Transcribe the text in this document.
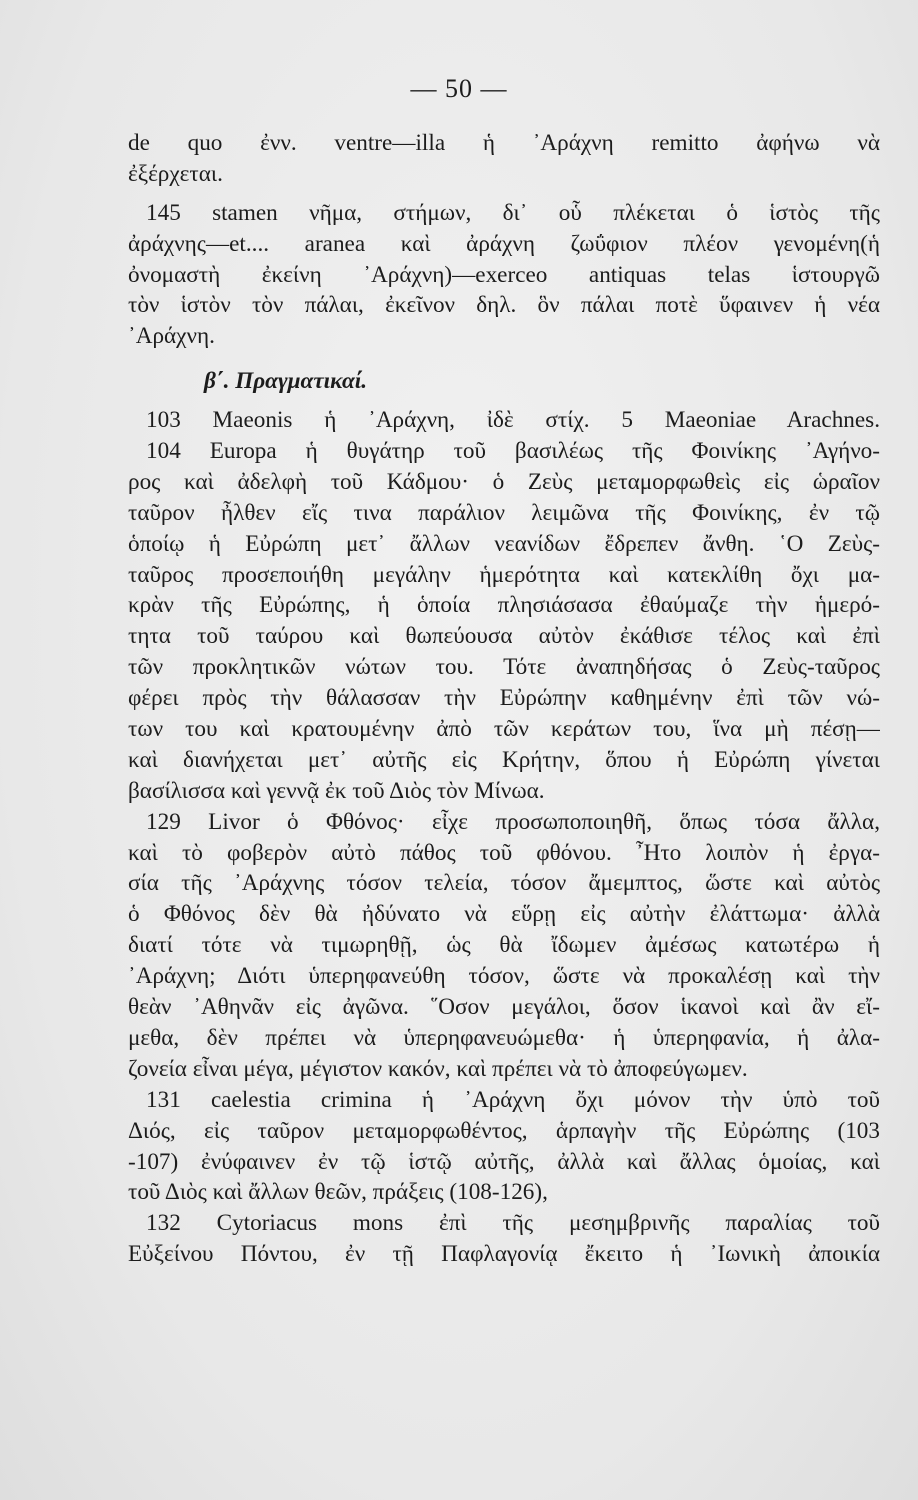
— 50 —
de quo ἐνν. ventre—illa ἡ ᾽Αράχνη remitto ἀφήνω νὰ
ἐξέρχεται.
145 stamen νῆμα, στήμων, δι᾽ οὗ πλέκεται ὁ ἱστὸς τῆς
ἀράχνης—et.... aranea καὶ ἀράχνη ζωΰφιον πλέον γενομένη(ἡ
ὀνομαστὴ ἐκείνη ᾽Αράχνη)—exerceo antiquas telas ἱστουργῶ
τὸν ἱστὸν τὸν πάλαι, ἐκεῖνον δηλ. ὃν πάλαι ποτὲ ὕφαινεν ἡ νέα
᾽Αράχνη.
β΄. Πραγματικαί.
103 Maeonis ἡ ᾽Αράχνη, ἰδὲ στίχ. 5 Maeoniae Arachnes.
104 Europa ἡ θυγάτηρ τοῦ βασιλέως τῆς Φοινίκης ᾽Αγήνο-
ρος καὶ ἀδελφὴ τοῦ Κάδμου· ὁ Ζεὺς μεταμορφωθεὶς εἰς ὡραῖον
ταῦρον ἦλθεν εἴς τινα παράλιον λειμῶνα τῆς Φοινίκης, ἐν τῷ
ὁποίῳ ἡ Εὐρώπη μετ᾽ ἄλλων νεανίδων ἔδρεπεν ἄνθη. ῾Ο Ζεὺς-
ταῦρος προσεποιήθη μεγάλην ἡμερότητα καὶ κατεκλίθη ὄχι μα-
κρὰν τῆς Εὐρώπης, ἡ ὁποία πλησιάσασα ἐθαύμαζε τὴν ἡμερό-
τητα τοῦ ταύρου καὶ θωπεύουσα αὐτὸν ἐκάθισε τέλος καὶ ἐπὶ
τῶν προκλητικῶν νώτων του. Τότε ἀναπηδήσας ὁ Ζεὺς-ταῦρος
φέρει πρὸς τὴν θάλασσαν τὴν Εὐρώπην καθημένην ἐπὶ τῶν νώ-
των του καὶ κρατουμένην ἀπὸ τῶν κεράτων του, ἵνα μὴ πέσῃ—
καὶ διανήχεται μετ᾽ αὐτῆς εἰς Κρήτην, ὅπου ἡ Εὐρώπη γίνεται
βασίλισσα καὶ γεννᾷ ἐκ τοῦ Διὸς τὸν Μίνωα.
129 Livor ὁ Φθόνος· εἶχε προσωποποιηθῆ, ὅπως τόσα ἄλλα,
καὶ τὸ φοβερὸν αὐτὸ πάθος τοῦ φθόνου. ῏Ητο λοιπὸν ἡ ἐργα-
σία τῆς ᾽Αράχνης τόσον τελεία, τόσον ἄμεμπτος, ὥστε καὶ αὐτὸς
ὁ Φθόνος δὲν θὰ ἠδύνατο νὰ εὕρῃ εἰς αὐτὴν ἐλάττωμα· ἀλλὰ
διατί τότε νὰ τιμωρηθῇ, ὡς θὰ ἴδωμεν ἀμέσως κατωτέρω ἡ
᾽Αράχνη; Διότι ὑπερηφανεύθη τόσον, ὥστε νὰ προκαλέσῃ καὶ τὴν
θεὰν ᾽Αθηνᾶν εἰς ἀγῶνα. ῞Οσον μεγάλοι, ὅσον ἱκανοὶ καὶ ἂν εἴ-
μεθα, δὲν πρέπει νὰ ὑπερηφανευώμεθα· ἡ ὑπερηφανία, ἡ ἀλα-
ζονεία εἶναι μέγα, μέγιστον κακόν, καὶ πρέπει νὰ τὸ ἀποφεύγωμεν.
131 caelestia crimina ἡ ᾽Αράχνη ὄχι μόνον τὴν ὑπὸ τοῦ
Διός, εἰς ταῦρον μεταμορφωθέντος, ἁρπαγὴν τῆς Εὐρώπης (103
-107) ἐνύφαινεν ἐν τῷ ἱστῷ αὐτῆς, ἀλλὰ καὶ ἄλλας ὁμοίας, καὶ
τοῦ Διὸς καὶ ἄλλων θεῶν, πράξεις (108-126),
132 Cytoriacus mons ἐπὶ τῆς μεσημβρινῆς παραλίας τοῦ
Εὐξείνου Πόντου, ἐν τῇ Παφλαγονίᾳ ἔκειτο ἡ ᾽Ιωνικὴ ἀποικία
